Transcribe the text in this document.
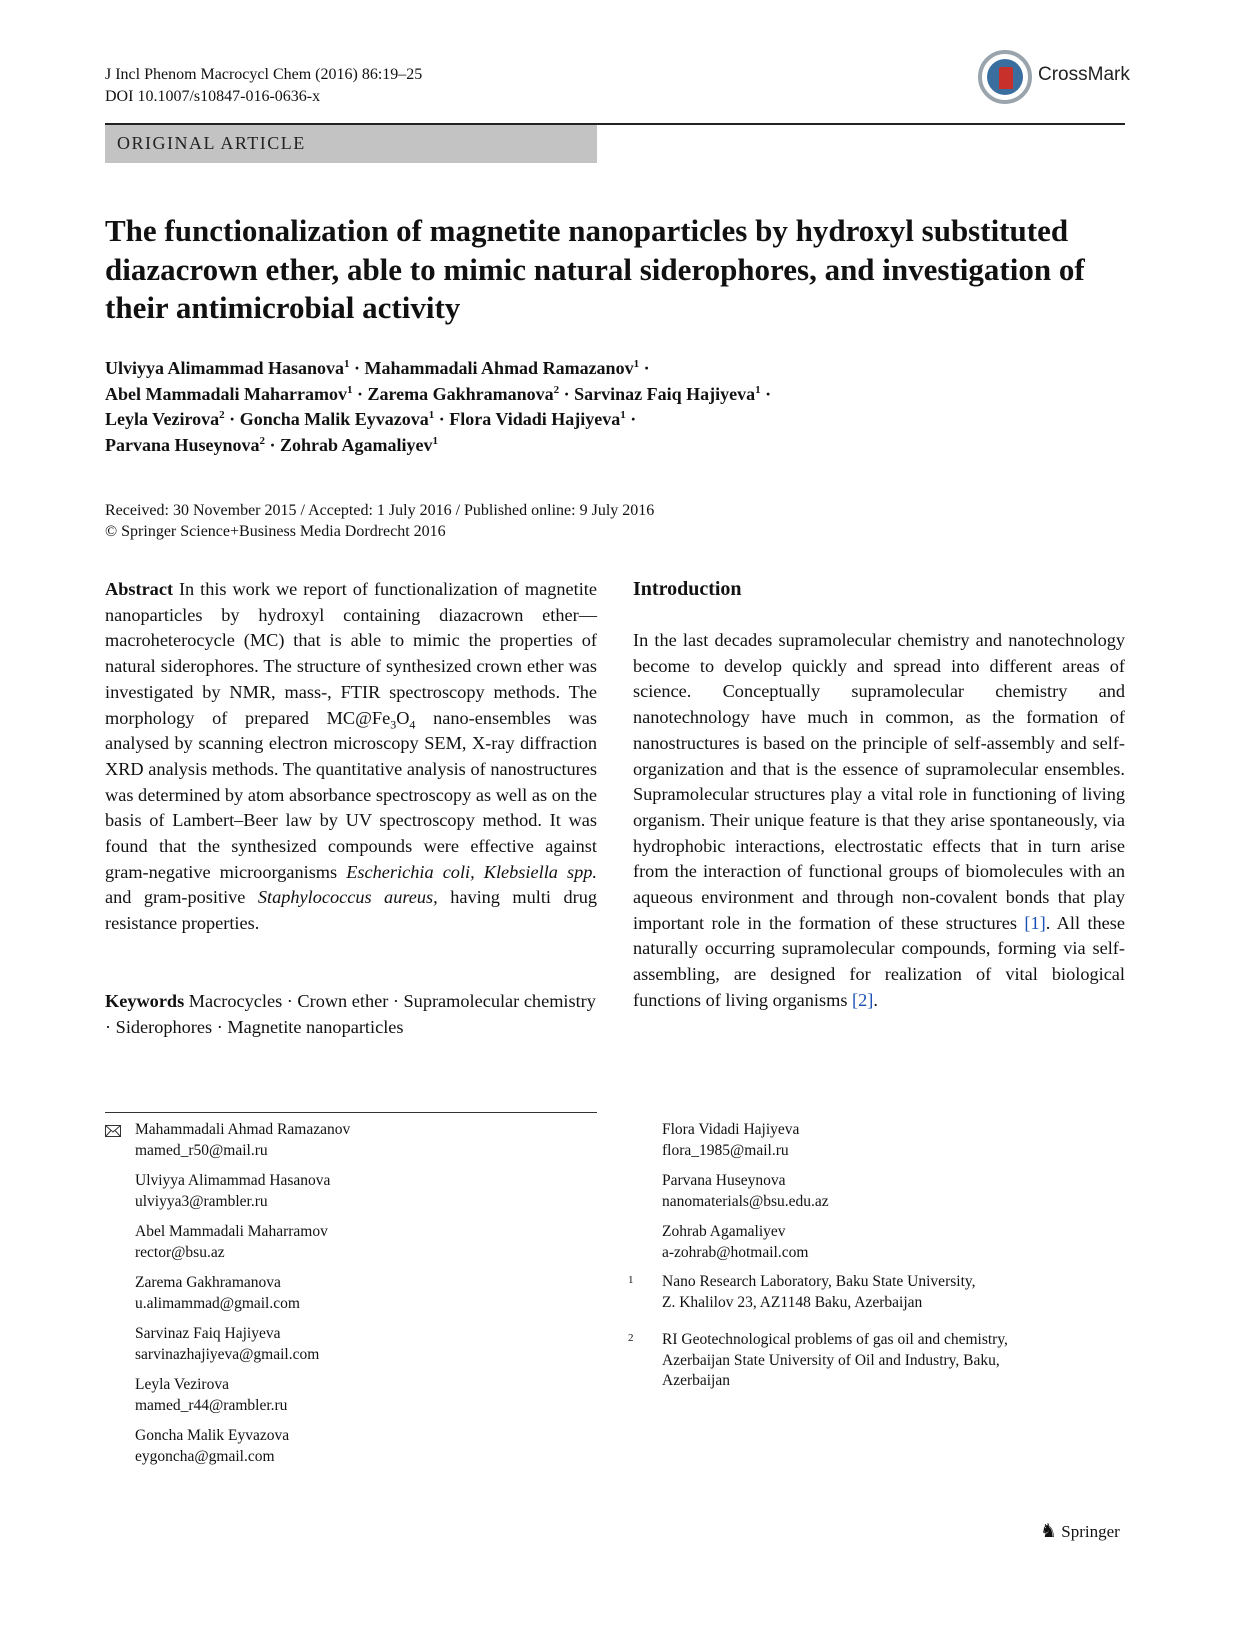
J Incl Phenom Macrocycl Chem (2016) 86:19–25
DOI 10.1007/s10847-016-0636-x
CrossMark
ORIGINAL ARTICLE
The functionalization of magnetite nanoparticles by hydroxyl substituted diazacrown ether, able to mimic natural siderophores, and investigation of their antimicrobial activity
Ulviyya Alimammad Hasanova$^1$ · Mahammadali Ahmad Ramazanov$^1$ ·
Abel Mammadali Maharramov$^1$ · Zarema Gakhramanova$^2$ · Sarvinaz Faiq Hajiyeva$^1$ ·
Leyla Vezirova$^2$ · Goncha Malik Eyvazova$^1$ · Flora Vidadi Hajiyeva$^1$ ·
Parvana Huseynova$^2$ · Zohrab Agamaliyev$^1$
Received: 30 November 2015 / Accepted: 1 July 2016 / Published online: 9 July 2016
© Springer Science+Business Media Dordrecht 2016
Abstract In this work we report of functionalization of magnetite nanoparticles by hydroxyl containing diazacrown ether—macroheterocycle (MC) that is able to mimic the properties of natural siderophores. The structure of synthesized crown ether was investigated by NMR, mass-, FTIR spectroscopy methods. The morphology of prepared $MC@Fe_3O_4$ nano-ensembles was analysed by scanning electron microscopy SEM, X-ray diffraction XRD analysis methods. The quantitative analysis of nanostructures was determined by atom absorbance spectroscopy as well as on the basis of Lambert–Beer law by UV spectroscopy method. It was found that the synthesized compounds were effective against gram-negative microorganisms Escherichia coli, Klebsiella spp. and gram-positive Staphylococcus aureus, having multi drug resistance properties.
Keywords Macrocycles · Crown ether · Supramolecular chemistry · Siderophores · Magnetite nanoparticles
Introduction
In the last decades supramolecular chemistry and nanotechnology become to develop quickly and spread into different areas of science. Conceptually supramolecular chemistry and nanotechnology have much in common, as the formation of nanostructures is based on the principle of self-assembly and self-organization and that is the essence of supramolecular ensembles. Supramolecular structures play a vital role in functioning of living organism. Their unique feature is that they arise spontaneously, via hydrophobic interactions, electrostatic effects that in turn arise from the interaction of functional groups of biomolecules with an aqueous environment and through non-covalent bonds that play important role in the formation of these structures [1]. All these naturally occurring supramolecular compounds, forming via self-assembling, are designed for realization of vital biological functions of living organisms [2].
Mahammadali Ahmad Ramazanov
mamed_r50@mail.ru
Ulviyya Alimammad Hasanova
ulviyya3@rambler.ru
Abel Mammadali Maharramov
rector@bsu.az
Zarema Gakhramanova
u.alimammad@gmail.com
Sarvinaz Faiq Hajiyeva
sarvinazhajiyeva@gmail.com
Leyla Vezirova
mamed_r44@rambler.ru
Goncha Malik Eyvazova
eygoncha@gmail.com
Flora Vidadi Hajiyeva
flora_1985@mail.ru
Parvana Huseynova
nanomaterials@bsu.edu.az
Zohrab Agamaliyev
a-zohrab@hotmail.com
1 Nano Research Laboratory, Baku State University,
Z. Khalilov 23, AZ1148 Baku, Azerbaijan
2 RI Geotechnological problems of gas oil and chemistry,
Azerbaijan State University of Oil and Industry, Baku,
Azerbaijan
♞ Springer
